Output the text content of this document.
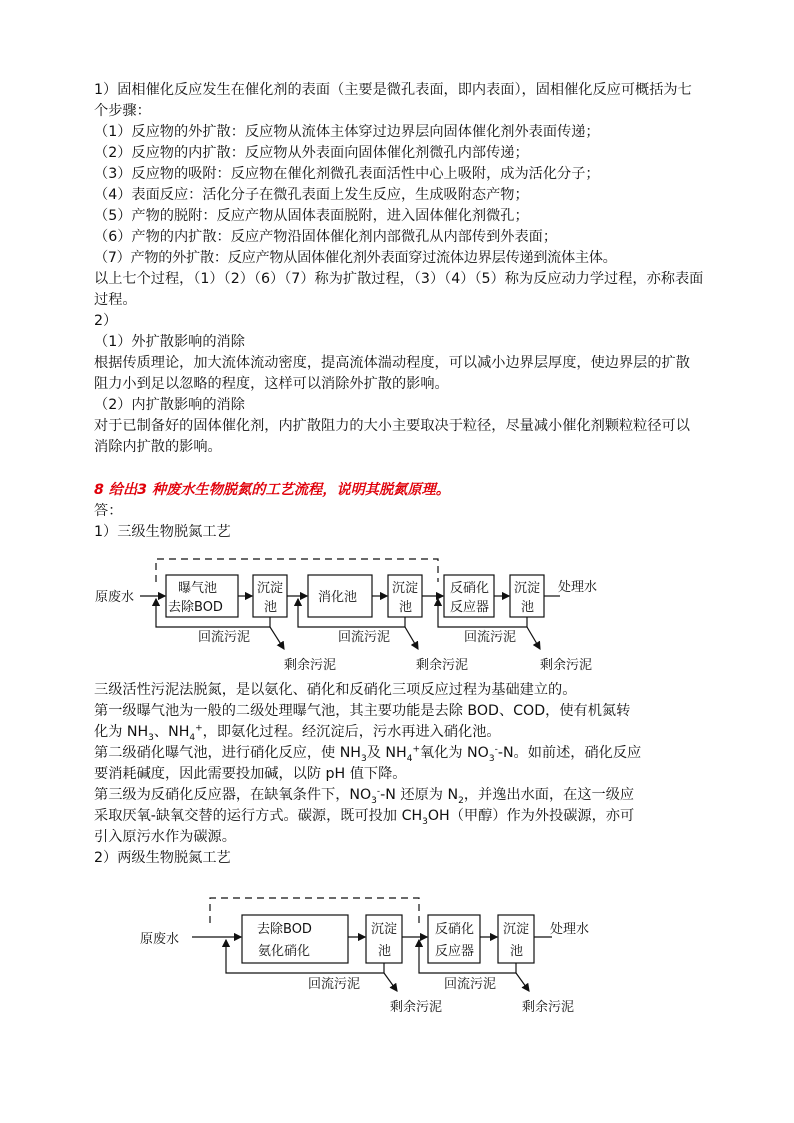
1）固相催化反应发生在催化剂的表面（主要是微孔表面，即内表面），固相催化反应可概括为七个步骤：

（1）反应物的外扩散：反应物从流体主体穿过边界层向固体催化剂外表面传递；

（2）反应物的内扩散：反应物从外表面向固体催化剂微孔内部传递；

（3）反应物的吸附：反应物在催化剂微孔表面活性中心上吸附，成为活化分子；

（4）表面反应：活化分子在微孔表面上发生反应，生成吸附态产物；

（5）产物的脱附：反应产物从固体表面脱附，进入固体催化剂微孔；

（6）产物的内扩散：反应产物沿固体催化剂内部微孔从内部传到外表面；

（7）产物的外扩散：反应产物从固体催化剂外表面穿过流体边界层传递到流体主体。

以上七个过程，（1）（2）（6）（7）称为扩散过程，（3）（4）（5）称为反应动力学过程，亦称表面过程。

2）

（1）外扩散影响的消除

根据传质理论，加大流体流动密度，提高流体湍动程度，可以减小边界层厚度，使边界层的扩散阻力小到足以忽略的程度，这样可以消除外扩散的影响。

（2）内扩散影响的消除

对于已制备好的固体催化剂，内扩散阻力的大小主要取决于粒径，尽量减小催化剂颗粒粒径可以消除内扩散的影响。

8 给出3 种废水生物脱氮的工艺流程，说明其脱氮原理。

答：

1）三级生物脱氮工艺

原废水
曝气池
去除BOD
沉淀
池
消化池
沉淀
池
反硝化
反应器
沉淀
池
处理水
回流污泥	回流污泥	回流污泥
剩余污泥	剩余污泥	剩余污泥

三级活性污泥法脱氮，是以氨化、硝化和反硝化三项反应过程为基础建立的。

第一级曝气池为一般的二级处理曝气池，其主要功能是去除 BOD、COD，使有机氮转

化为 $NH_3$、$NH_4^+$，即氨化过程。经沉淀后，污水再进入硝化池。

第二级硝化曝气池，进行硝化反应，使 $NH_3$及 $NH_4^+$氧化为 $NO_3^--N$。如前述，硝化反应

要消耗碱度，因此需要投加碱，以防 pH 值下降。

第三级为反硝化反应器，在缺氧条件下，$NO_3^--N$ 还原为 $N_2$，并逸出水面，在这一级应

采取厌氧-缺氧交替的运行方式。碳源，既可投加 $CH_3OH$（甲醇）作为外投碳源，亦可

引入原污水作为碳源。

2）两级生物脱氮工艺

原废水
去除BOD
氨化硝化
沉淀
池
反硝化
反应器
沉淀
池
处理水
回流污泥	回流污泥
剩余污泥	剩余污泥
